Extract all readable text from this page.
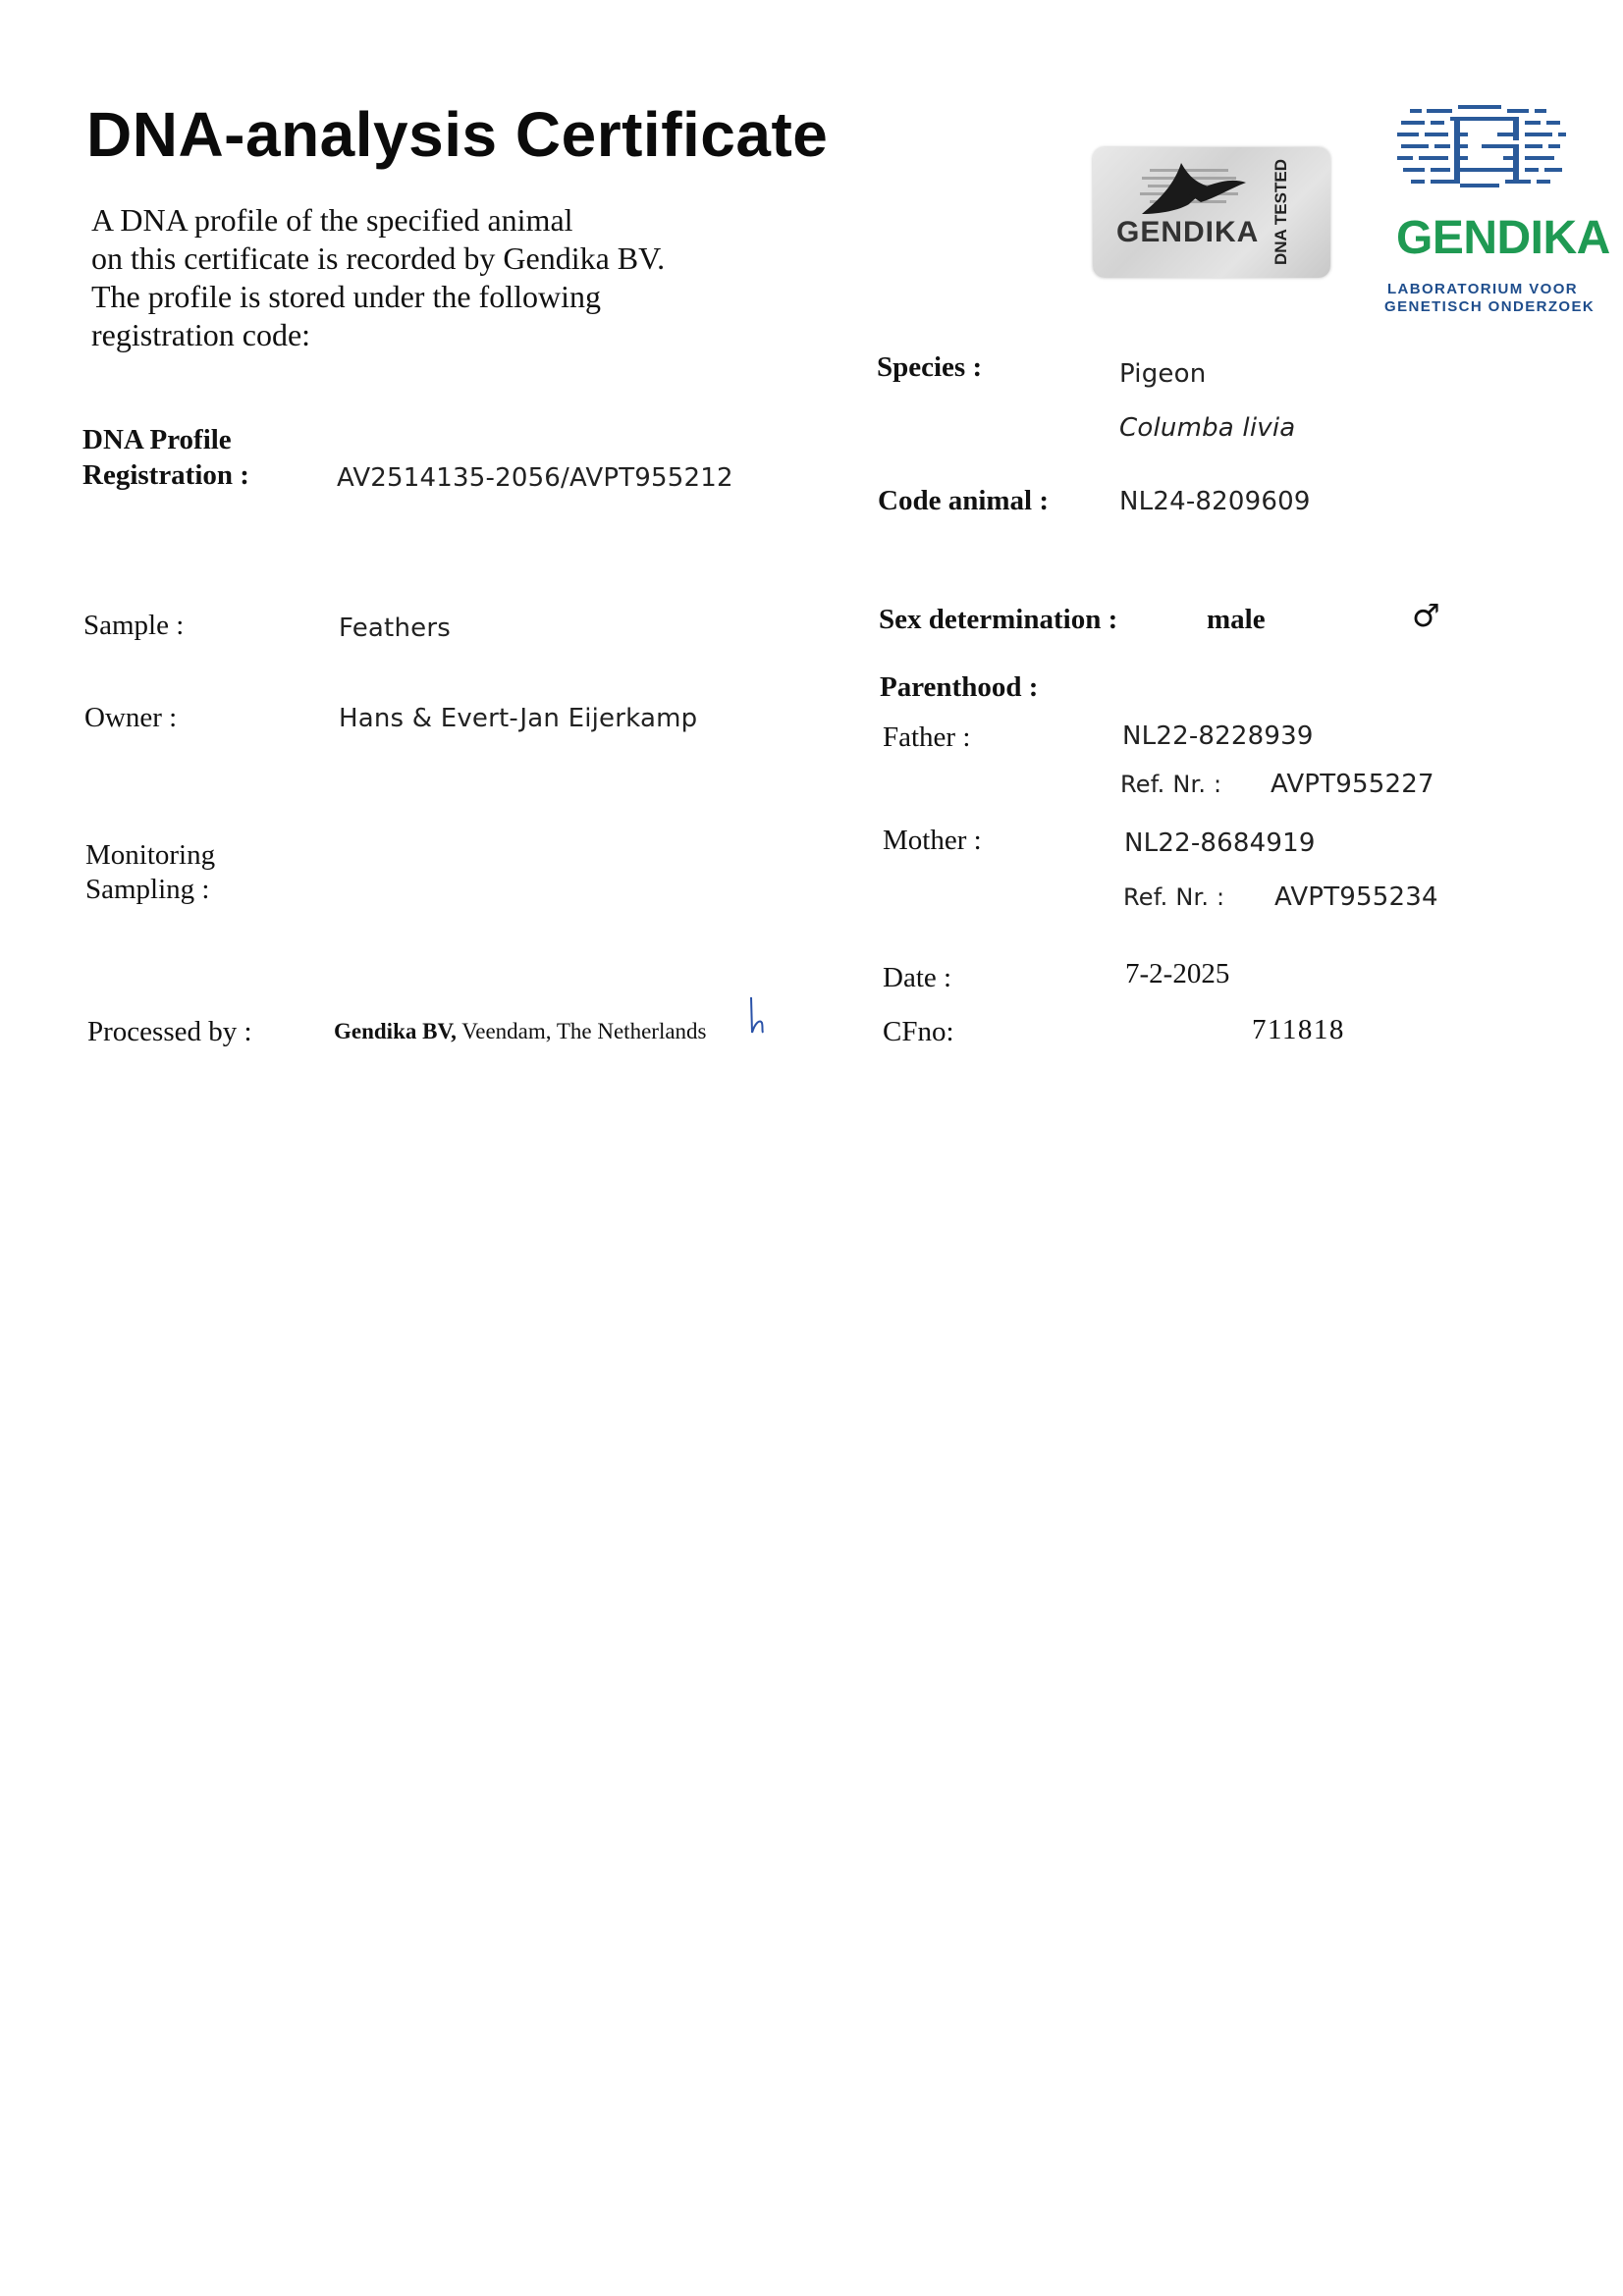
DNA-analysis Certificate
A DNA profile of the specified animal
on this certificate is recorded by Gendika BV.
The profile is stored under the following
registration code:
GENDIKA DNA TESTED GENDIKA
LABORATORIUM VOOR
GENETISCH ONDERZOEK
DNA Profile
Registration :	AV2514135-2056/AVPT955212
Sample :	Feathers
Owner :	Hans & Evert-Jan Eijerkamp
Monitoring
Sampling :
Processed by :	Gendika BV, Veendam, The Netherlands
Species :	Pigeon
Columba livia
Code animal :	NL24-8209609
Sex determination :	male	♂
Parenthood :
Father :	NL22-8228939
Ref. Nr. : AVPT955227
Mother :	NL22-8684919
Ref. Nr. : AVPT955234
Date :	7-2-2025
CFno:	711818
